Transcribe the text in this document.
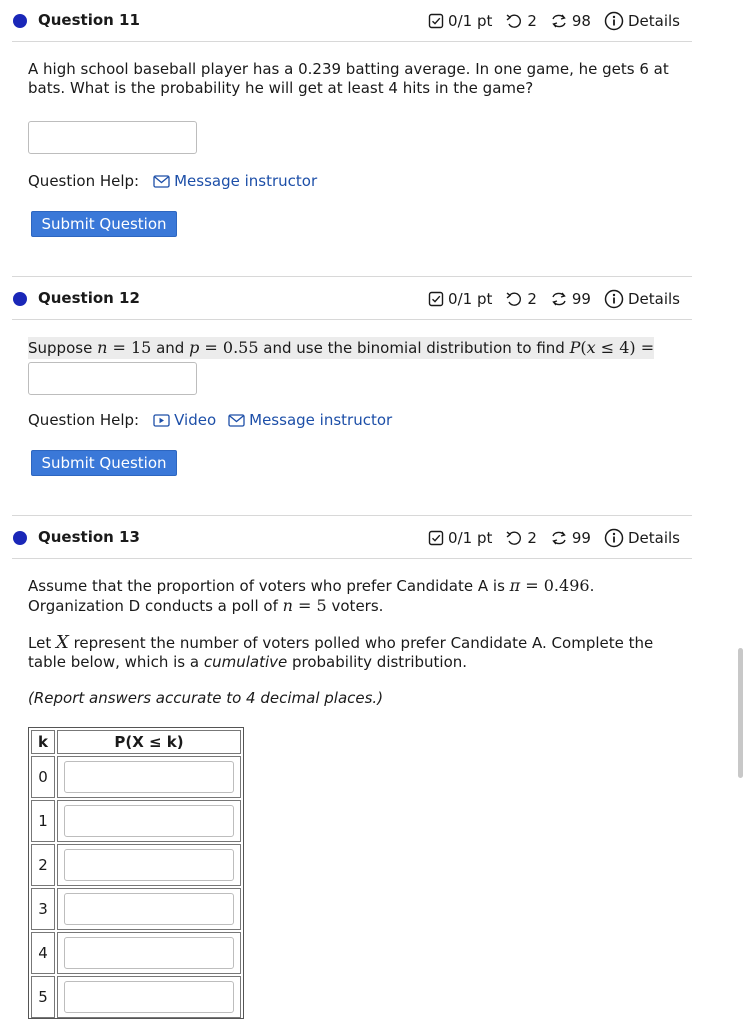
Question 11	0/1 pt 2 98 Details
A high school baseball player has a 0.239 batting average. In one game, he gets 6 at bats. What is the probability he will get at least 4 hits in the game?
Question Help: Message instructor
Submit Question
Question 12	0/1 pt 2 99 Details
Suppose n = 15 and p = 0.55 and use the binomial distribution to find P(x ≤ 4) =
Question Help: Video Message instructor
Submit Question
Question 13	0/1 pt 2 99 Details
Assume that the proportion of voters who prefer Candidate A is π = 0.496. Organization D conducts a poll of n = 5 voters.
Let X represent the number of voters polled who prefer Candidate A. Complete the table below, which is a cumulative probability distribution.
(Report answers accurate to 4 decimal places.)
k	P(X ≤ k)
0
1
2
3
4
5
